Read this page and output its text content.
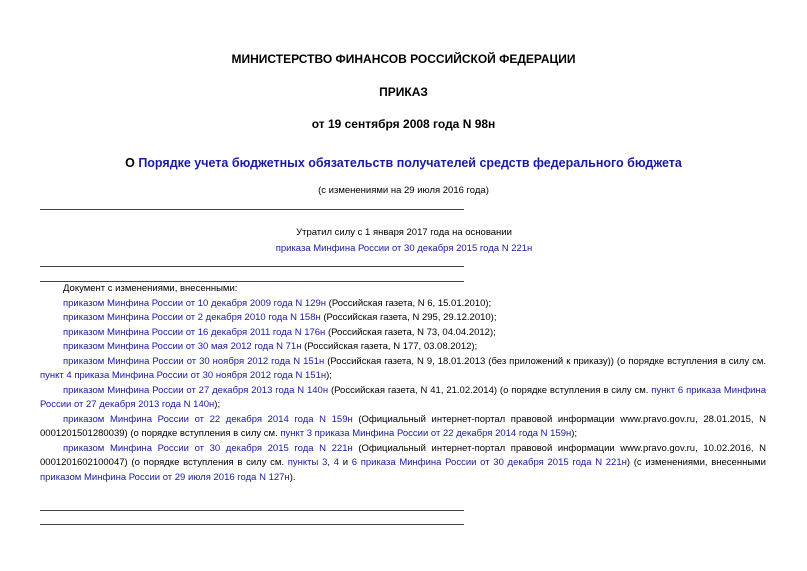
МИНИСТЕРСТВО ФИНАНСОВ РОССИЙСКОЙ ФЕДЕРАЦИИ
ПРИКАЗ
от 19 сентября 2008 года N 98н
О Порядке учета бюджетных обязательств получателей средств федерального бюджета
(с изменениями на 29 июля 2016 года)
Утратил силу с 1 января 2017 года на основании
приказа Минфина России от 30 декабря 2015 года N 221н

Документ с изменениями, внесенными:

приказом Минфина России от 10 декабря 2009 года N 129н (Российская газета, N 6, 15.01.2010);

приказом Минфина России от 2 декабря 2010 года N 158н (Российская газета, N 295, 29.12.2010);

приказом Минфина России от 16 декабря 2011 года N 176н (Российская газета, N 73, 04.04.2012);

приказом Минфина России от 30 мая 2012 года N 71н (Российская газета, N 177, 03.08.2012);

приказом Минфина России от 30 ноября 2012 года N 151н (Российская газета, N 9, 18.01.2013 (без приложений к приказу)) (о порядке вступления в силу см. пункт 4 приказа Минфина России от 30 ноября 2012 года N 151н);

приказом Минфина России от 27 декабря 2013 года N 140н (Российская газета, N 41, 21.02.2014) (о порядке вступления в силу см. пункт 6 приказа Минфина России от 27 декабря 2013 года N 140н);

приказом Минфина России от 22 декабря 2014 года N 159н (Официальный интернет-портал правовой информации www.pravo.gov.ru, 28.01.2015, N 0001201501280039) (о порядке вступления в силу см. пункт 3 приказа Минфина России от 22 декабря 2014 года N 159н);

приказом Минфина России от 30 декабря 2015 года N 221н (Официальный интернет-портал правовой информации www.pravo.gov.ru, 10.02.2016, N 0001201602100047) (о порядке вступления в силу см. пункты 3, 4 и 6 приказа Минфина России от 30 декабря 2015 года N 221н) (с изменениями, внесенными приказом Минфина России от 29 июля 2016 года N 127н).
